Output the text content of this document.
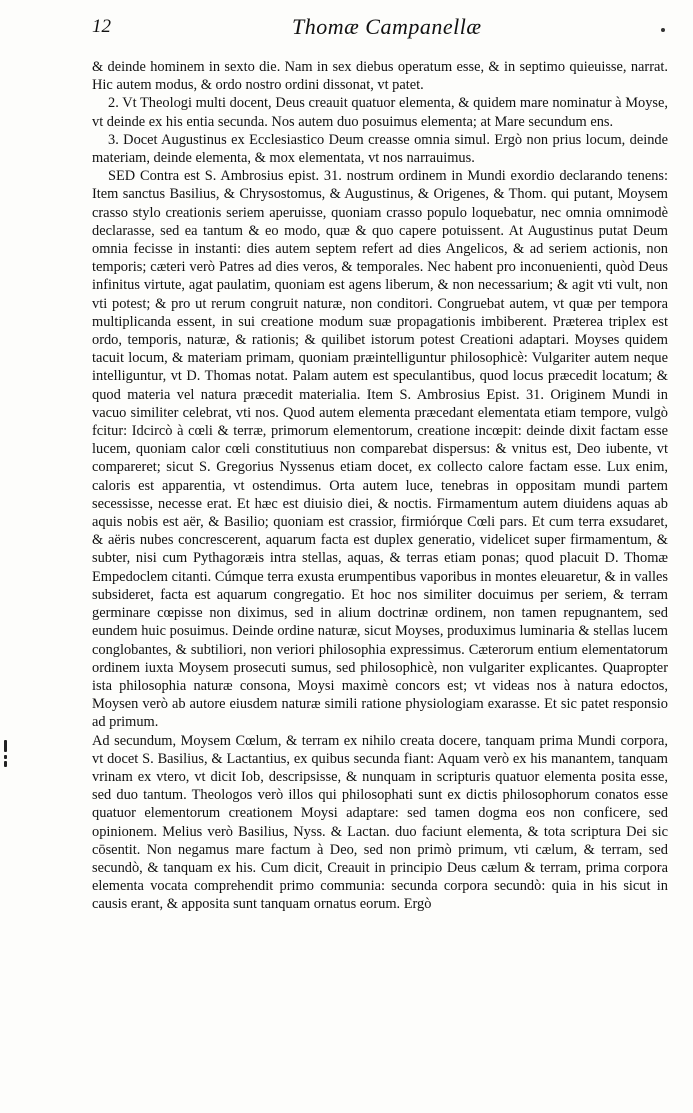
12	Thomæ Campanellæ

& deinde hominem in sexto die. Nam in sex diebus operatum esse, & in septimo quieuisse, narrat. Hic autem modus, & ordo nostro ordini dissonat, vt patet.

2. Vt Theologi multi docent, Deus creauit quatuor elementa, & quidem mare nominatur à Moyse, vt deinde ex his entia secunda. Nos autem duo posuimus elementa; at Mare secundum ens.

3. Docet Augustinus ex Ecclesiastico Deum creasse omnia simul. Ergò non prius locum, deinde materiam, deinde elementa, & mox elementata, vt nos narrauimus.

SED Contra est S. Ambrosius epist. 31. nostrum ordinem in Mundi exordio declarando tenens: Item sanctus Basilius, & Chrysostomus, & Augustinus, & Origenes, & Thom. qui putant, Moysem crasso stylo creationis seriem aperuisse, quoniam crasso populo loquebatur, nec omnia omnimodè declarasse, sed ea tantum & eo modo, quæ & quo capere potuissent. At Augustinus putat Deum omnia fecisse in instanti: dies autem septem refert ad dies Angelicos, & ad seriem actionis, non temporis; cæteri verò Patres ad dies veros, & temporales. Nec habent pro inconuenienti, quòd Deus infinitus virtute, agat paulatim, quoniam est agens liberum, & non necessarium; & agit vti vult, non vti potest; & pro ut rerum congruit naturæ, non conditori. Congruebat autem, vt quæ per tempora multiplicanda essent, in sui creatione modum suæ propagationis imbiberent. Præterea triplex est ordo, temporis, naturæ, & rationis; & quilibet istorum potest Creationi adaptari. Moyses quidem tacuit locum, & materiam primam, quoniam præintelliguntur philosophicè: Vulgariter autem neque intelliguntur, vt D. Thomas notat. Palam autem est speculantibus, quod locus præcedit locatum; & quod materia vel natura præcedit materialia. Item S. Ambrosius Epist. 31. Originem Mundi in vacuo similiter celebrat, vti nos. Quod autem elementa præcedant elementata etiam tempore, vulgò fcitur: Idcircò à cœli & terræ, primorum elementorum, creatione incœpit: deinde dixit factam esse lucem, quoniam calor cœli constitutiuus non comparebat dispersus: & vnitus est, Deo iubente, vt compareret; sicut S. Gregorius Nyssenus etiam docet, ex collecto calore factam esse. Lux enim, caloris est apparentia, vt ostendimus. Orta autem luce, tenebras in oppositam mundi partem secessisse, necesse erat. Et hæc est diuisio diei, & noctis. Firmamentum autem diuidens aquas ab aquis nobis est aër, & Basilio; quoniam est crassior, firmiórque Cœli pars. Et cum terra exsudaret, & aëris nubes concrescerent, aquarum facta est duplex generatio, videlicet super firmamentum, & subter, nisi cum Pythagoræis intra stellas, aquas, & terras etiam ponas; quod placuit D. Thomæ Empedoclem citanti. Cúmque terra exusta erumpentibus vaporibus in montes eleuaretur, & in valles subsideret, facta est aquarum congregatio. Et hoc nos similiter docuimus per seriem, & terram germinare cœpisse non diximus, sed in alium doctrinæ ordinem, non tamen repugnantem, sed eundem huic posuimus. Deinde ordine naturæ, sicut Moyses, produximus luminaria & stellas lucem conglobantes, & subtiliori, non veriori philosophia expressimus. Cæterorum entium elementatorum ordinem iuxta Moysem prosecuti sumus, sed philosophicè, non vulgariter explicantes. Quapropter ista philosophia naturæ consona, Moysi maximè concors est; vt videas nos à natura edoctos, Moysen verò ab autore eiusdem naturæ simili ratione physiologiam exarasse. Et sic patet responsio ad primum.

Ad secundum, Moysem Cœlum, & terram ex nihilo creata docere, tanquam prima Mundi corpora, vt docet S. Basilius, & Lactantius, ex quibus secunda fiant: Aquam verò ex his manantem, tanquam vrinam ex vtero, vt dicit Iob, descripsisse, & nunquam in scripturis quatuor elementa posita esse, sed duo tantum. Theologos verò illos qui philosophati sunt ex dictis philosophorum conatos esse quatuor elementorum creationem Moysi adaptare: sed tamen dogma eos non conficere, sed opinionem. Melius verò Basilius, Nyss. & Lactan. duo faciunt elementa, & tota scriptura Dei sic cōsentit. Non negamus mare factum à Deo, sed non primò primum, vti cælum, & terram, sed secundò, & tanquam ex his. Cum dicit, Creauit in principio Deus cælum & terram, prima corpora elementa vocata comprehendit primo communia: secunda corpora secundò: quia in his sicut in causis erant, & apposita sunt tanquam ornatus eorum. Ergò
